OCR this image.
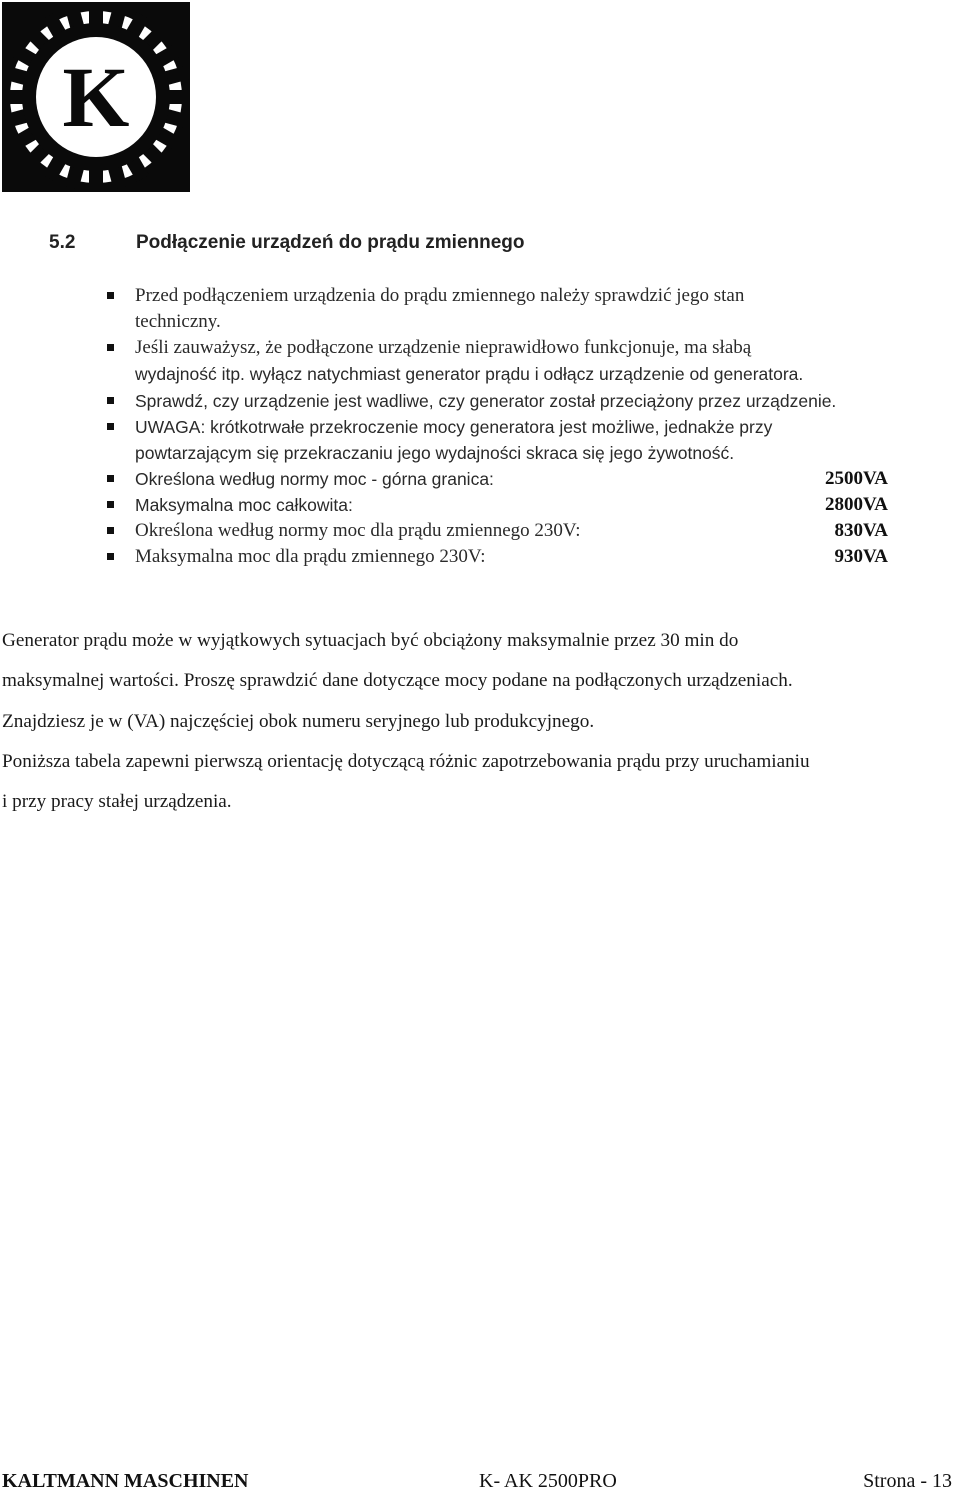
K
5.2	Podłączenie urządzeń do prądu zmiennego
Przed podłączeniem urządzenia do prądu zmiennego należy sprawdzić jego stan
techniczny.
Jeśli zauważysz, że podłączone urządzenie nieprawidłowo funkcjonuje, ma słabą
wydajność itp. wyłącz natychmiast generator prądu i odłącz urządzenie od generatora.
Sprawdź, czy urządzenie jest wadliwe, czy generator został przeciążony przez urządzenie.
UWAGA: krótkotrwałe przekroczenie mocy generatora jest możliwe, jednakże przy
powtarzającym się przekraczaniu jego wydajności skraca się jego żywotność.
Określona według normy moc - górna granica:	2500VA
Maksymalna moc całkowita:	2800VA
Określona według normy moc dla prądu zmiennego 230V:	830VA
Maksymalna moc dla prądu zmiennego 230V:	930VA

Generator prądu może w wyjątkowych sytuacjach być obciążony maksymalnie przez 30 min do

maksymalnej wartości. Proszę sprawdzić dane dotyczące mocy podane na podłączonych urządzeniach.

Znajdziesz je w (VA) najczęściej obok numeru seryjnego lub produkcyjnego.

Poniższa tabela zapewni pierwszą orientację dotyczącą różnic zapotrzebowania prądu przy uruchamianiu

i przy pracy stałej urządzenia.

KALTMANN MASCHINEN	K- AK 2500PRO	Strona - 13
